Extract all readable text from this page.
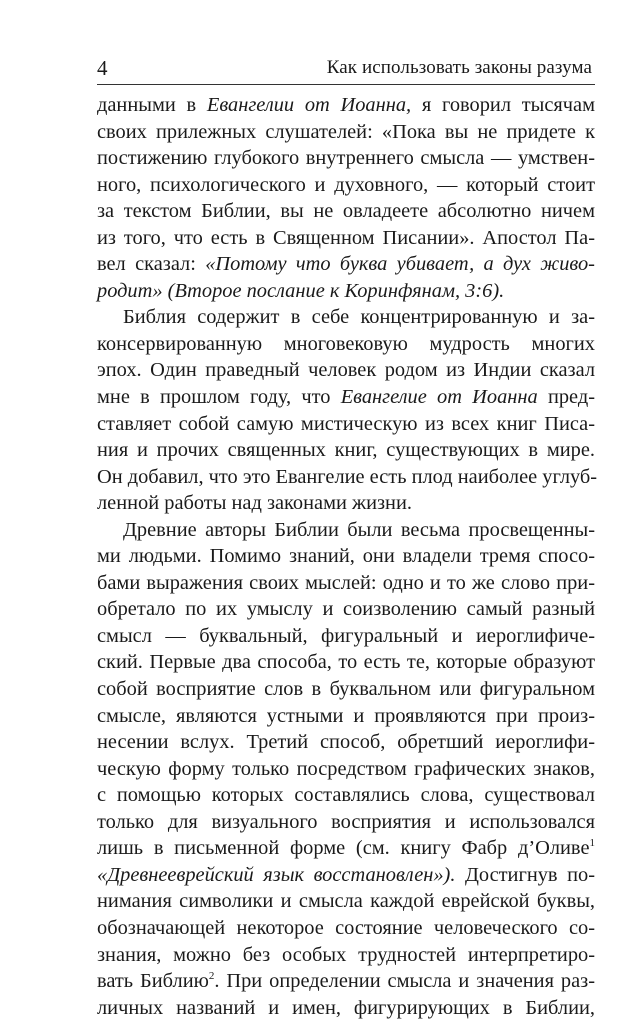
4	Как использовать законы разума
данными в Евангелии от Иоанна, я говорил тысячам
своих прилежных слушателей: «Пока вы не придете к
постижению глубокого внутреннего смысла — умствен-
ного, психологического и духовного, — который стоит
за текстом Библии, вы не овладеете абсолютно ничем
из того, что есть в Священном Писании». Апостол Па-
вел сказал: «Потому что буква убивает, а дух живо-
родит» (Второе послание к Коринфянам, 3:6).
Библия содержит в себе концентрированную и за-
консервированную многовековую мудрость многих
эпох. Один праведный человек родом из Индии сказал
мне в прошлом году, что Евангелие от Иоанна пред-
ставляет собой самую мистическую из всех книг Писа-
ния и прочих священных книг, существующих в мире.
Он добавил, что это Евангелие есть плод наиболее углуб-
ленной работы над законами жизни.
Древние авторы Библии были весьма просвещенны-
ми людьми. Помимо знаний, они владели тремя спосо-
бами выражения своих мыслей: одно и то же слово при-
обретало по их умыслу и соизволению самый разный
смысл — буквальный, фигуральный и иероглифиче-
ский. Первые два способа, то есть те, которые образуют
собой восприятие слов в буквальном или фигуральном
смысле, являются устными и проявляются при произ-
несении вслух. Третий способ, обретший иероглифи-
ческую форму только посредством графических знаков,
с помощью которых составлялись слова, существовал
только для визуального восприятия и использовался
лишь в письменной форме (см. книгу Фабр д’Оливе$^1$
«Древнееврейский язык восстановлен»). Достигнув по-
нимания символики и смысла каждой еврейской буквы,
обозначающей некоторое состояние человеческого со-
знания, можно без особых трудностей интерпретиро-
вать Библию$^2$. При определении смысла и значения раз-
личных названий и имен, фигурирующих в Библии,
